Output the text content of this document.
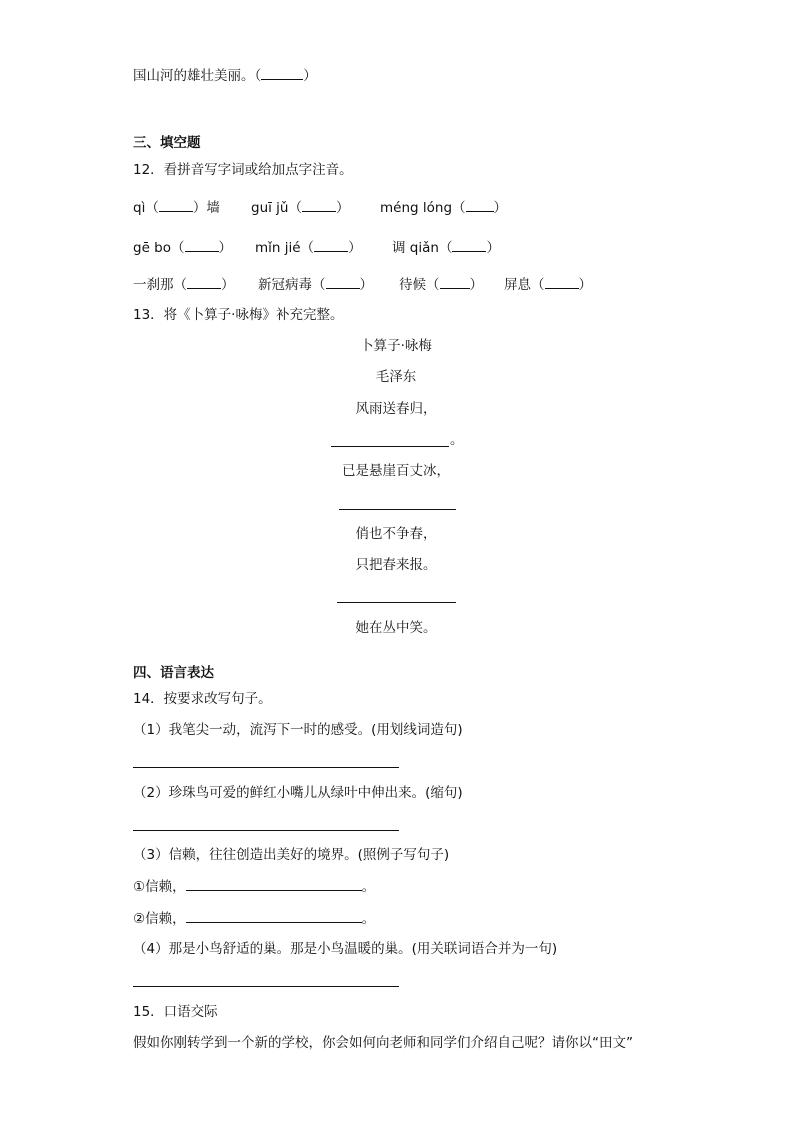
国山河的雄壮美丽。（	）
三、填空题
12．看拼音写字词或给加点字注音。
qì（	）墙 guī jǔ（	） méng lóng（ ）
gē bo（	） mǐn jié（	） 调 qiǎn（	）
一刹那（	） 新冠病毒（	） 待候（ ） 屏息（	）
13．将《卜算子·咏梅》补充完整。
卜算子·咏梅
毛泽东
风雨送春归，
。
已是悬崖百丈冰，
俏也不争春，
只把春来报。
她在丛中笑。
四、语言表达
14．按要求改写句子。
（1）我笔尖一动，流泻下一时的感受。(用划线词造句)
（2）珍珠鸟可爱的鲜红小嘴儿从绿叶中伸出来。(缩句)
（3）信赖，往往创造出美好的境界。(照例子写句子)
①信赖，	。
②信赖，	。
（4）那是小鸟舒适的巢。那是小鸟温暖的巢。(用关联词语合并为一句)
15．口语交际
假如你刚转学到一个新的学校，你会如何向老师和同学们介绍自己呢？请你以“田文”
